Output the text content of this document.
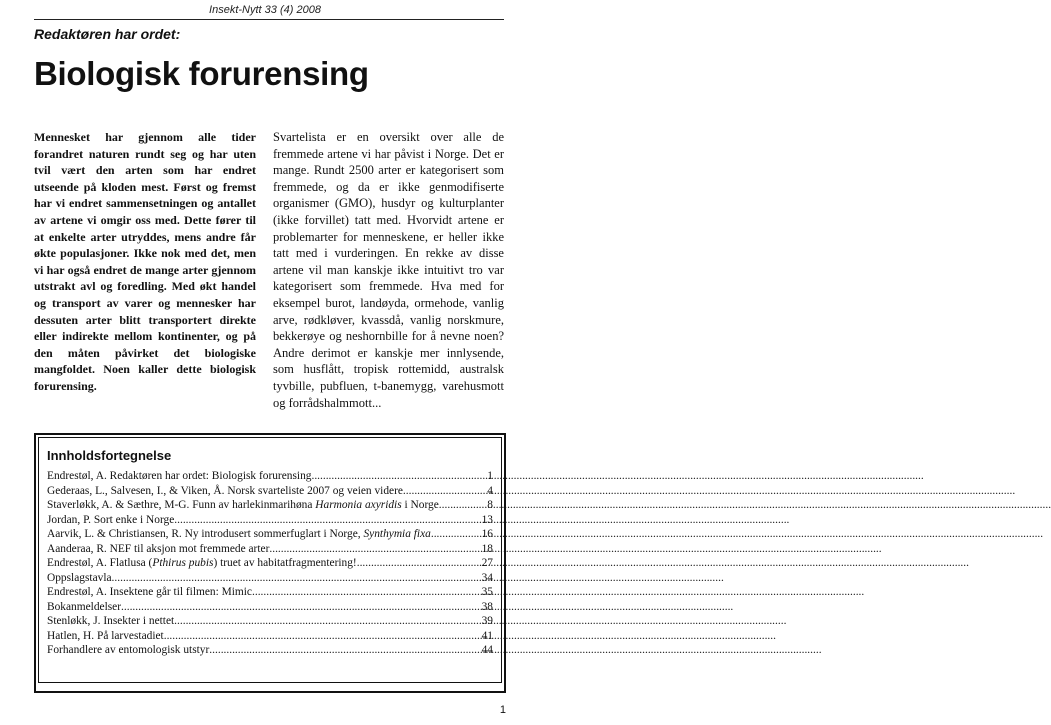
Insekt-Nytt 33 (4) 2008
Redaktøren har ordet:
Biologisk forurensing
Mennesket har gjennom alle tider forandret naturen rundt seg og har uten tvil vært den arten som har endret utseende på kloden mest. Først og fremst har vi endret sammensetningen og antallet av artene vi omgir oss med. Dette fører til at enkelte arter utryddes, mens andre får økte populasjoner. Ikke nok med det, men vi har også endret de mange arter gjennom utstrakt avl og foredling. Med økt handel og transport av varer og mennesker har dessuten arter blitt transportert direkte eller indirekte mellom kontinenter, og på den måten påvirket det biologiske mangfoldet. Noen kaller dette biologisk forurensing.
Svartelista er en oversikt over alle de fremmede artene vi har påvist i Norge. Det er mange. Rundt 2500 arter er kategorisert som fremmede, og da er ikke genmodifiserte organismer (GMO), husdyr og kulturplanter (ikke forvillet) tatt med. Hvorvidt artene er problemarter for menneskene, er heller ikke tatt med i vurderingen. En rekke av disse artene vil man kanskje ikke intuitivt tro var kategorisert som fremmede. Hva med for eksempel burot, landøyda, ormehode, vanlig arve, rødkløver, kvassdå, vanlig norskmure, bekkerøye og neshornbille for å nevne noen? Andre derimot er kanskje mer innlysende, som husflått, tropisk rottemidd, australsk tyvbille, pubfluen, t-banemygg, varehusmott og forrådshalmmott...
Innholdsfortegnelse
Endrestøl, A. Redaktøren har ordet: Biologisk forurensing .....	1
Gederaas, L., Salvesen, I., & Viken, Å. Norsk svarteliste 2007 og veien videre .....	4
Staverløkk, A. & Sæthre, M-G. Funn av harlekinmarihøna Harmonia axyridis i Norge .....	8
Jordan, P. Sort enke i Norge. .....	13
Aarvik, L. & Christiansen, R. Ny introdusert sommerfuglart i Norge, Synthymia fixa .....	16
Aanderaa, R. NEF til aksjon mot fremmede arter .....	18
Endrestøl, A. Flatlusa (Pthirus pubis) truet av habitatfragmentering! .....	27
Oppslagstavla .....	34
Endrestøl, A. Insektene går til filmen: Mimic .....	35
Bokanmeldelser .....	38
Stenløkk, J. Insekter i nettet .....	39
Hatlen, H. På larvestadiet .....	41
Forhandlere av entomologisk utstyr .....	44
1
